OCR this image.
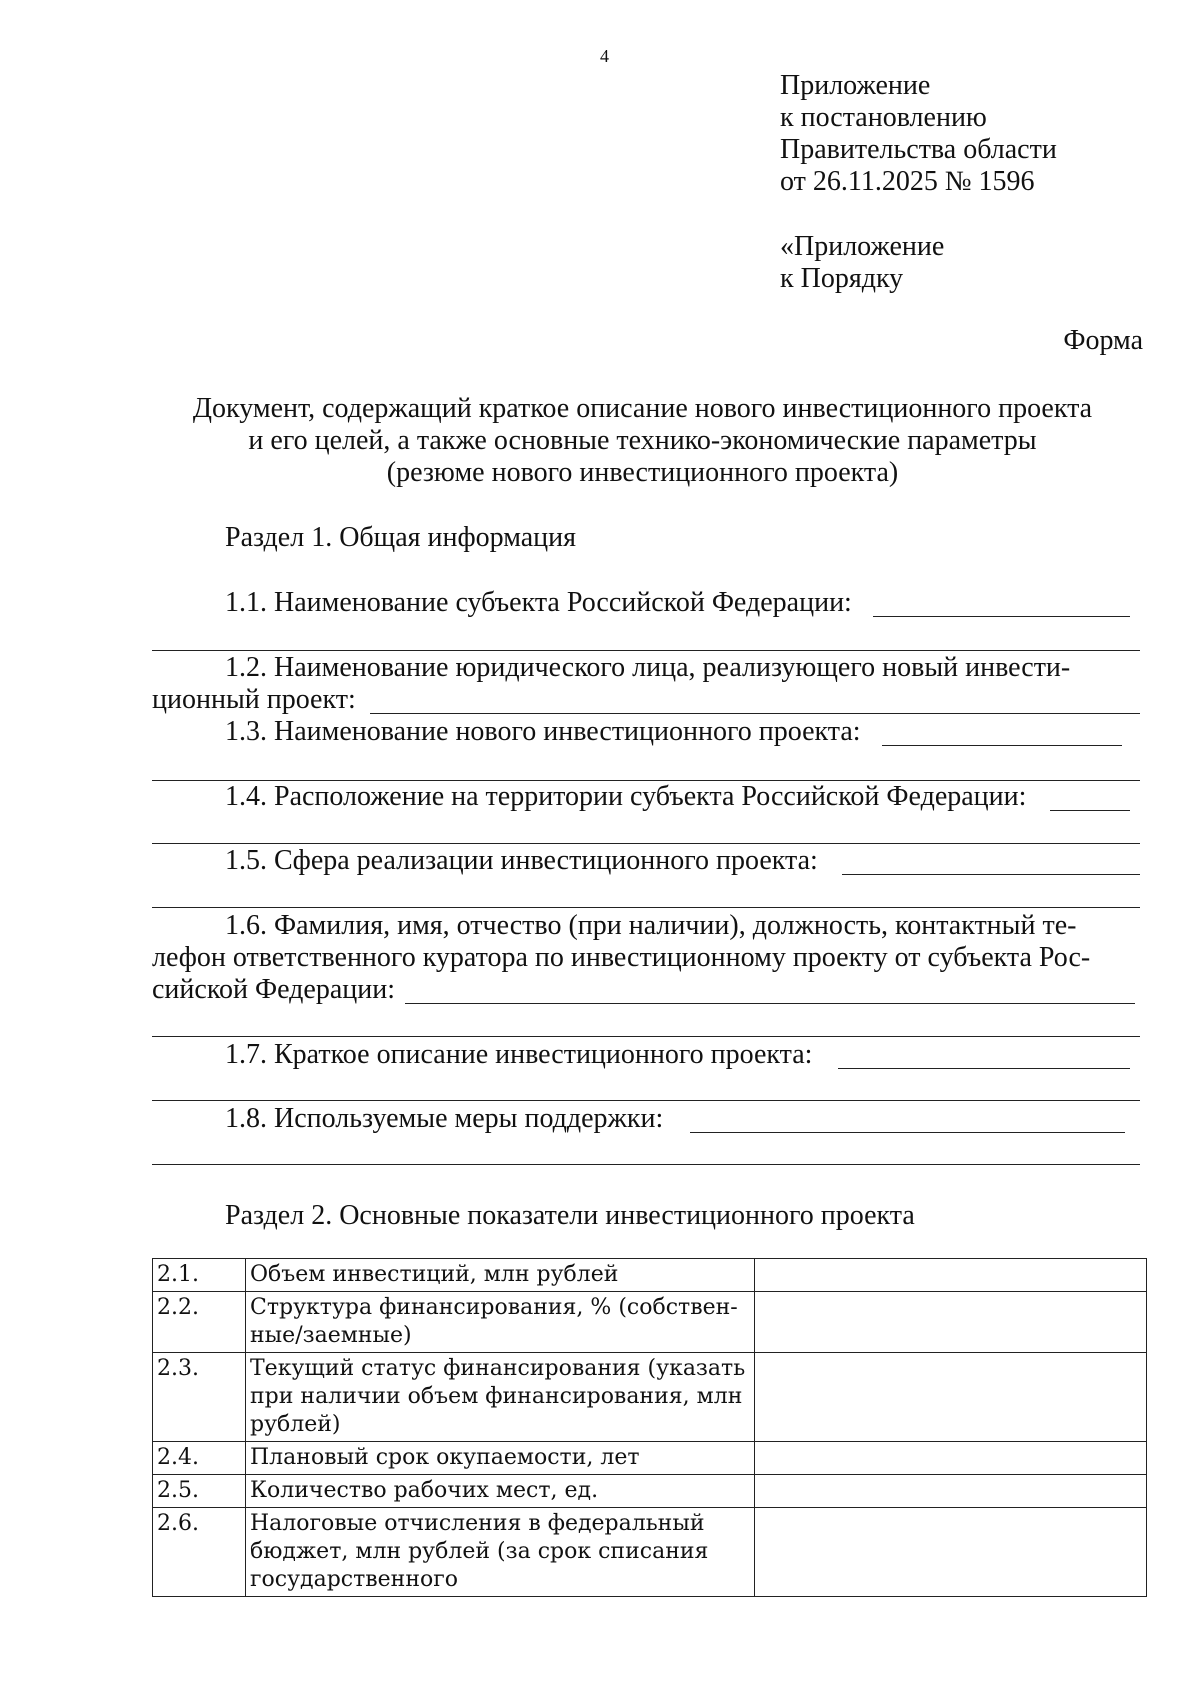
4
Приложение
к постановлению
Правительства области
от 26.11.2025 № 1596
«Приложение
к Порядку
Форма
Документ, содержащий краткое описание нового инвестиционного проекта
и его целей, а также основные технико-экономические параметры
(резюме нового инвестиционного проекта)
Раздел 1. Общая информация
1.1. Наименование субъекта Российской Федерации:
1.2. Наименование юридического лица, реализующего новый инвести-
ционный проект:
1.3. Наименование нового инвестиционного проекта:
1.4. Расположение на территории субъекта Российской Федерации:
1.5. Сфера реализации инвестиционного проекта:
1.6. Фамилия, имя, отчество (при наличии), должность, контактный те-
лефон ответственного куратора по инвестиционному проекту от субъекта Рос-
сийской Федерации:
1.7. Краткое описание инвестиционного проекта:
1.8. Используемые меры поддержки:
Раздел 2. Основные показатели инвестиционного проекта
2.1.	Объем инвестиций, млн рублей	
2.2.	Структура финансирования, % (собствен-ные/заемные)	
2.3.	Текущий статус финансирования (указать при наличии объем финансирования, млн рублей)	
2.4.	Плановый срок окупаемости, лет	
2.5.	Количество рабочих мест, ед.	
2.6.	Налоговые отчисления в федеральный бюджет, млн рублей (за срок списания государственного	
